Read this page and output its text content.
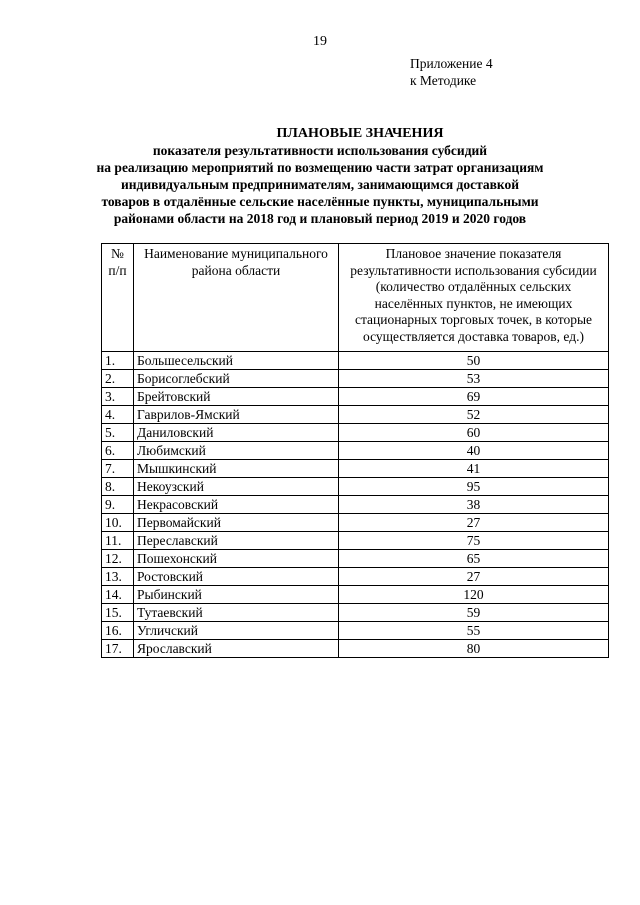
19
Приложение 4
к Методике
ПЛАНОВЫЕ ЗНАЧЕНИЯ
показателя результативности использования субсидий
на реализацию мероприятий по возмещению части затрат организациям
индивидуальным предпринимателям, занимающимся доставкой
товаров в отдалённые сельские населённые пункты, муниципальными
районами области на 2018 год и плановый период 2019 и 2020 годов
№ п/п	Наименование муниципального района области	Плановое значение показателя результативности использования субсидии (количество отдалённых сельских населённых пунктов, не имеющих стационарных торговых точек, в которые осуществляется доставка товаров, ед.)
1.	Большесельский	50
2.	Борисоглебский	53
3.	Брейтовский	69
4.	Гаврилов-Ямский	52
5.	Даниловский	60
6.	Любимский	40
7.	Мышкинский	41
8.	Некоузский	95
9.	Некрасовский	38
10.	Первомайский	27
11.	Переславский	75
12.	Пошехонский	65
13.	Ростовский	27
14.	Рыбинский	120
15.	Тутаевский	59
16.	Угличский	55
17.	Ярославский	80
